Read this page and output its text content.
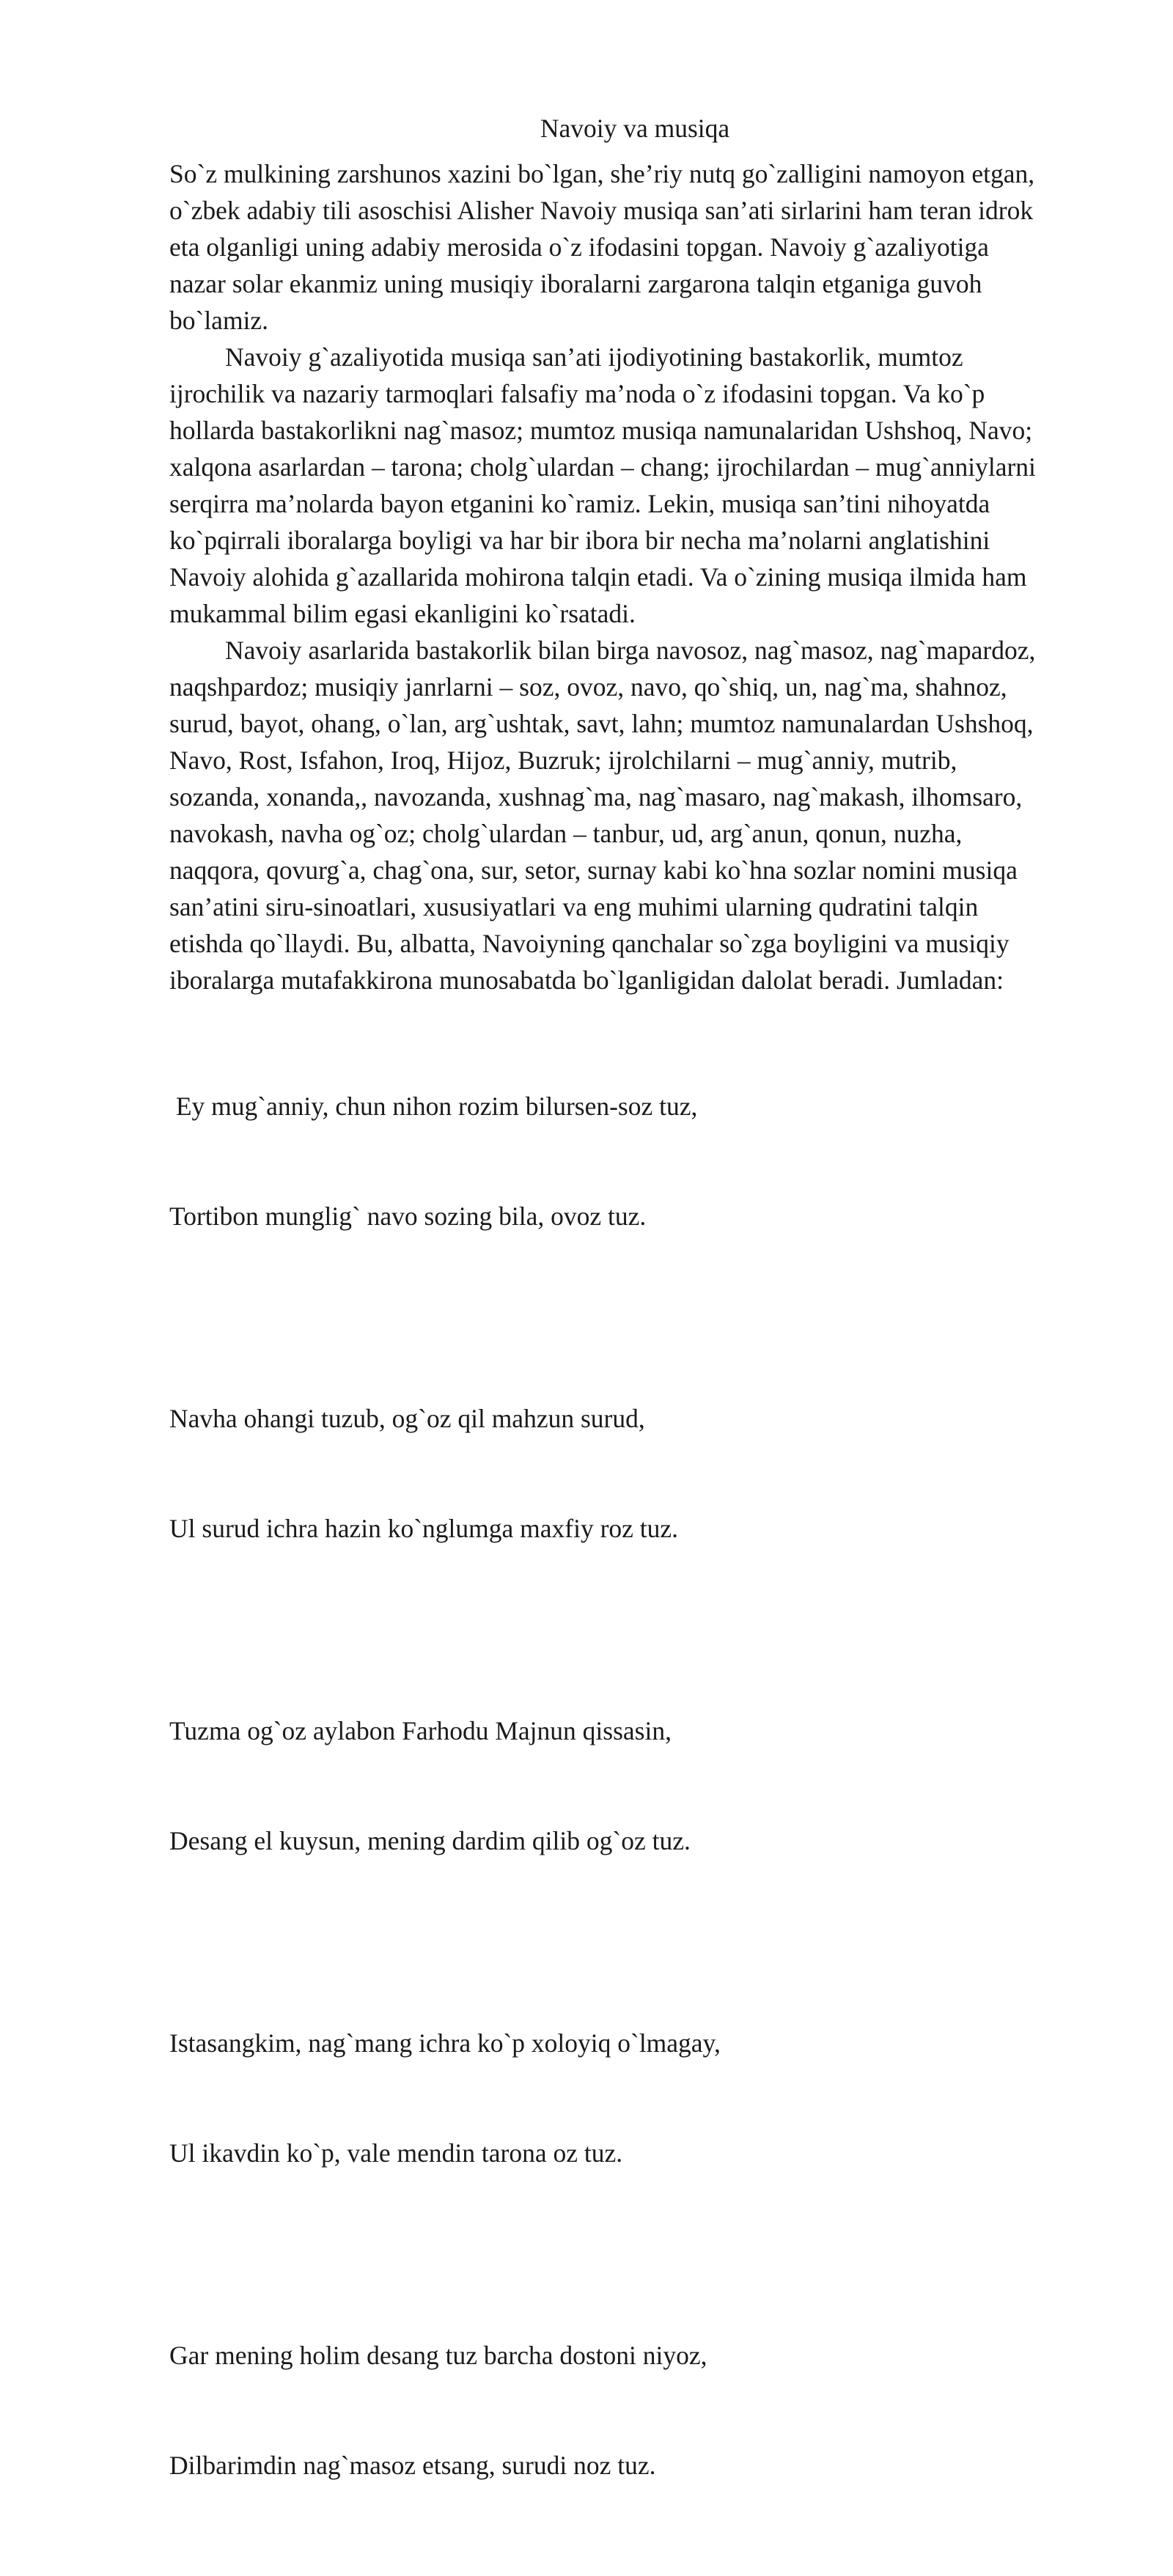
Navoiy va musiqa
So`z mulkining zarshunos xazini bo`lgan, she’riy nutq go`zalligini namoyon etgan,
o`zbek adabiy tili asoschisi Alisher Navoiy musiqa san’ati sirlarini ham teran idrok
eta olganligi uning adabiy merosida o`z ifodasini topgan. Navoiy g`azaliyotiga
nazar solar ekanmiz uning musiqiy iboralarni zargarona talqin etganiga guvoh
bo`lamiz.
Navoiy g`azaliyotida musiqa san’ati ijodiyotining bastakorlik, mumtoz
ijrochilik va nazariy tarmoqlari falsafiy ma’noda o`z ifodasini topgan. Va ko`p
hollarda bastakorlikni nag`masoz; mumtoz musiqa namunalaridan Ushshoq, Navo;
xalqona asarlardan – tarona; cholg`ulardan – chang; ijrochilardan – mug`anniylarni
serqirra ma’nolarda bayon etganini ko`ramiz. Lekin, musiqa san’tini nihoyatda
ko`pqirrali iboralarga boyligi va har bir ibora bir necha ma’nolarni anglatishini
Navoiy alohida g`azallarida mohirona talqin etadi. Va o`zining musiqa ilmida ham
mukammal bilim egasi ekanligini ko`rsatadi.
Navoiy asarlarida bastakorlik bilan birga navosoz, nag`masoz, nag`mapardoz,
naqshpardoz; musiqiy janrlarni – soz, ovoz, navo, qo`shiq, un, nag`ma, shahnoz,
surud, bayot, ohang, o`lan, arg`ushtak, savt, lahn; mumtoz namunalardan Ushshoq,
Navo, Rost, Isfahon, Iroq, Hijoz, Buzruk; ijrolchilarni – mug`anniy, mutrib,
sozanda, xonanda,, navozanda, xushnag`ma, nag`masaro, nag`makash, ilhomsaro,
navokash, navha og`oz; cholg`ulardan – tanbur, ud, arg`anun, qonun, nuzha,
naqqora, qovurg`a, chag`ona, sur, setor, surnay kabi ko`hna sozlar nomini musiqa
san’atini siru-sinoatlari, xususiyatlari va eng muhimi ularning qudratini talqin
etishda qo`llaydi. Bu, albatta, Navoiyning qanchalar so`zga boyligini va musiqiy
iboralarga mutafakkirona munosabatda bo`lganligidan dalolat beradi. Jumladan:

Ey mug`anniy, chun nihon rozim bilursen-soz tuz,

Tortibon munglig` navo sozing bila, ovoz tuz.

Navha ohangi tuzub, og`oz qil mahzun surud,

Ul surud ichra hazin ko`nglumga maxfiy roz tuz.

Tuzma og`oz aylabon Farhodu Majnun qissasin,

Desang el kuysun, mening dardim qilib og`oz tuz.

Istasangkim, nag`mang ichra ko`p xoloyiq o`lmagay,

Ul ikavdin ko`p, vale mendin tarona oz tuz.

Gar mening holim desang tuz barcha dostoni niyoz,

Dilbarimdin nag`masoz etsang, surudi noz tuz.
